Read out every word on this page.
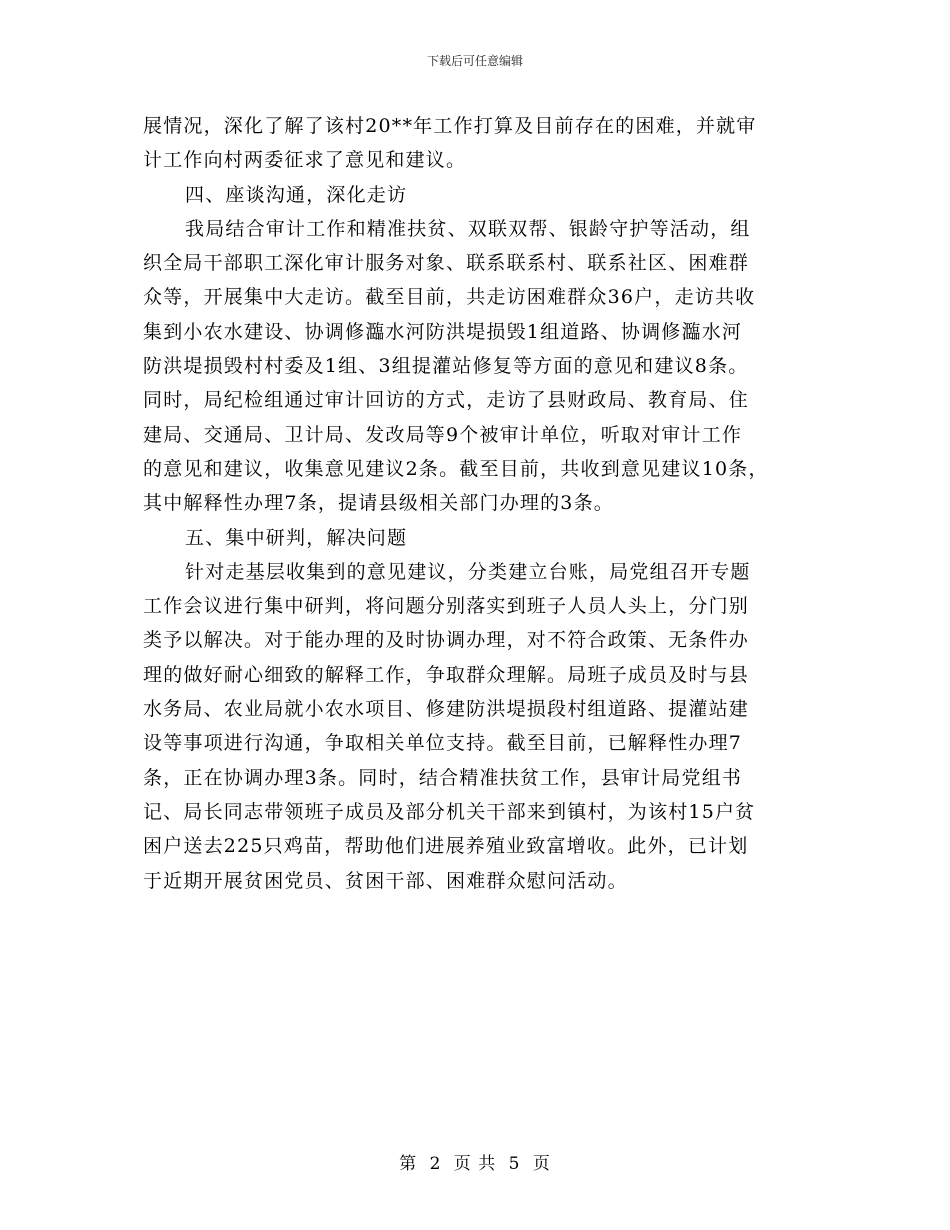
下载后可任意编辑
展情况，深化了解了该村20**年工作打算及目前存在的困难，并就审
计工作向村两委征求了意见和建议。
四、座谈沟通，深化走访
我局结合审计工作和精准扶贫、双联双帮、银龄守护等活动，组
织全局干部职工深化审计服务对象、联系联系村、联系社区、困难群
众等，开展集中大走访。截至目前，共走访困难群众36户，走访共收
集到小农水建设、协调修瀶水河防洪堤损毁1组道路、协调修瀶水河
防洪堤损毁村村委及1组、3组提灌站修复等方面的意见和建议8条。
同时，局纪检组通过审计回访的方式，走访了县财政局、教育局、住
建局、交通局、卫计局、发改局等9个被审计单位，听取对审计工作
的意见和建议，收集意见建议2条。截至目前，共收到意见建议10条，
其中解释性办理7条，提请县级相关部门办理的3条。
五、集中研判，解决问题
针对走基层收集到的意见建议，分类建立台账，局党组召开专题
工作会议进行集中研判，将问题分别落实到班子人员人头上，分门别
类予以解决。对于能办理的及时协调办理，对不符合政策、无条件办
理的做好耐心细致的解释工作，争取群众理解。局班子成员及时与县
水务局、农业局就小农水项目、修建防洪堤损段村组道路、提灌站建
设等事项进行沟通，争取相关单位支持。截至目前，已解释性办理7
条，正在协调办理3条。同时，结合精准扶贫工作，县审计局党组书
记、局长同志带领班子成员及部分机关干部来到镇村，为该村15户贫
困户送去225只鸡苗，帮助他们进展养殖业致富增收。此外，已计划
于近期开展贫困党员、贫困干部、困难群众慰问活动。
第 2 页 共 5 页
